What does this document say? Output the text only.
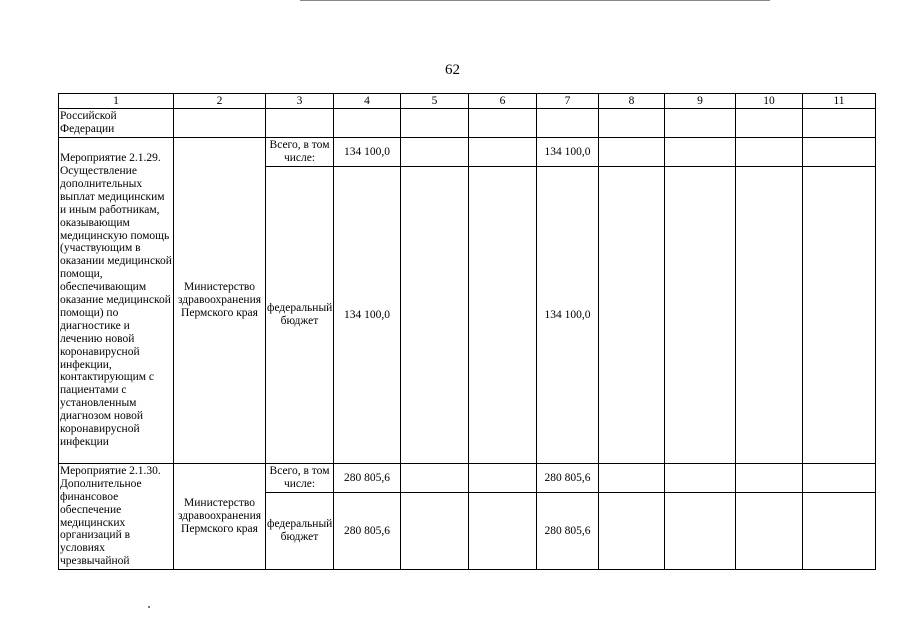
62
1	2	3	4	5	6	7	8	9	10	11
Российской Федерации										
Мероприятие 2.1.29. Осуществление дополнительных выплат медицинским и иным работникам, оказывающим медицинскую помощь (участвующим в оказании медицинской помощи, обеспечивающим оказание медицинской помощи) по диагностике и лечению новой коронавирусной инфекции, контактирующим с пациентами с установленным диагнозом новой коронавирусной инфекции	Министерство здравоохранения Пермского края	Всего, в том числе:	134 100,0			134 100,0				
		федеральный бюджет	134 100,0			134 100,0				
Мероприятие 2.1.30. Дополнительное финансовое обеспечение медицинских организаций в условиях чрезвычайной	Министерство здравоохранения Пермского края	Всего, в том числе:	280 805,6			280 805,6				
		федеральный бюджет	280 805,6			280 805,6				
